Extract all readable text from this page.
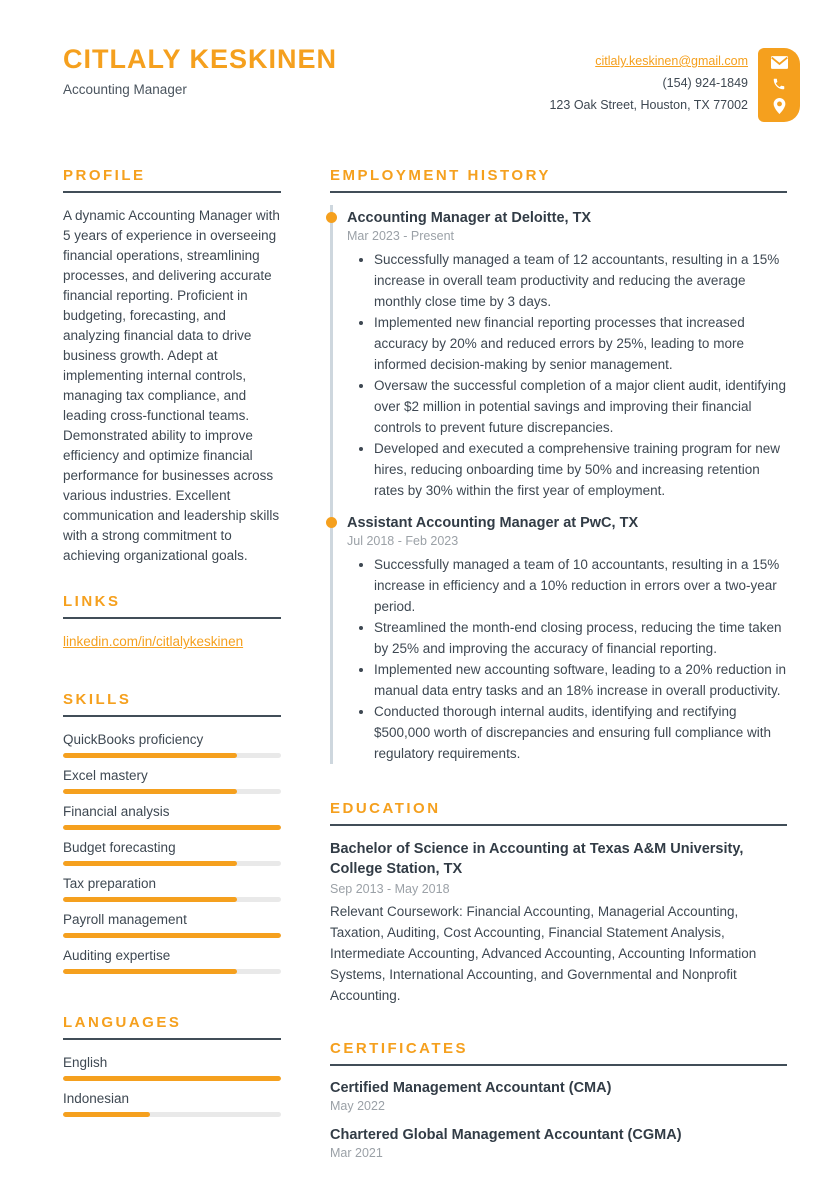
CITLALY KESKINEN
Accounting Manager
citlaly.keskinen@gmail.com
(154) 924-1849
123 Oak Street, Houston, TX 77002
PROFILE

A dynamic Accounting Manager with 5 years of experience in overseeing financial operations, streamlining processes, and delivering accurate financial reporting. Proficient in budgeting, forecasting, and analyzing financial data to drive business growth. Adept at implementing internal controls, managing tax compliance, and leading cross-functional teams. Demonstrated ability to improve efficiency and optimize financial performance for businesses across various industries. Excellent communication and leadership skills with a strong commitment to achieving organizational goals.

LINKS
linkedin.com/in/citlalykeskinen
SKILLS
QuickBooks proficiency
Excel mastery
Financial analysis
Budget forecasting
Tax preparation
Payroll management
Auditing expertise
LANGUAGES
English
Indonesian
EMPLOYMENT HISTORY
Accounting Manager at Deloitte, TX
Mar 2023 - Present
• Successfully managed a team of 12 accountants, resulting in a 15% increase in overall team productivity and reducing the average monthly close time by 3 days.
• Implemented new financial reporting processes that increased accuracy by 20% and reduced errors by 25%, leading to more informed decision-making by senior management.
• Oversaw the successful completion of a major client audit, identifying over $2 million in potential savings and improving their financial controls to prevent future discrepancies.
• Developed and executed a comprehensive training program for new hires, reducing onboarding time by 50% and increasing retention rates by 30% within the first year of employment.
Assistant Accounting Manager at PwC, TX
Jul 2018 - Feb 2023
• Successfully managed a team of 10 accountants, resulting in a 15% increase in efficiency and a 10% reduction in errors over a two-year period.
• Streamlined the month-end closing process, reducing the time taken by 25% and improving the accuracy of financial reporting.
• Implemented new accounting software, leading to a 20% reduction in manual data entry tasks and an 18% increase in overall productivity.
• Conducted thorough internal audits, identifying and rectifying $500,000 worth of discrepancies and ensuring full compliance with regulatory requirements.
EDUCATION
Bachelor of Science in Accounting at Texas A&M University, College Station, TX
Sep 2013 - May 2018

Relevant Coursework: Financial Accounting, Managerial Accounting, Taxation, Auditing, Cost Accounting, Financial Statement Analysis, Intermediate Accounting, Advanced Accounting, Accounting Information Systems, International Accounting, and Governmental and Nonprofit Accounting.

CERTIFICATES
Certified Management Accountant (CMA)
May 2022
Chartered Global Management Accountant (CGMA)
Mar 2021
